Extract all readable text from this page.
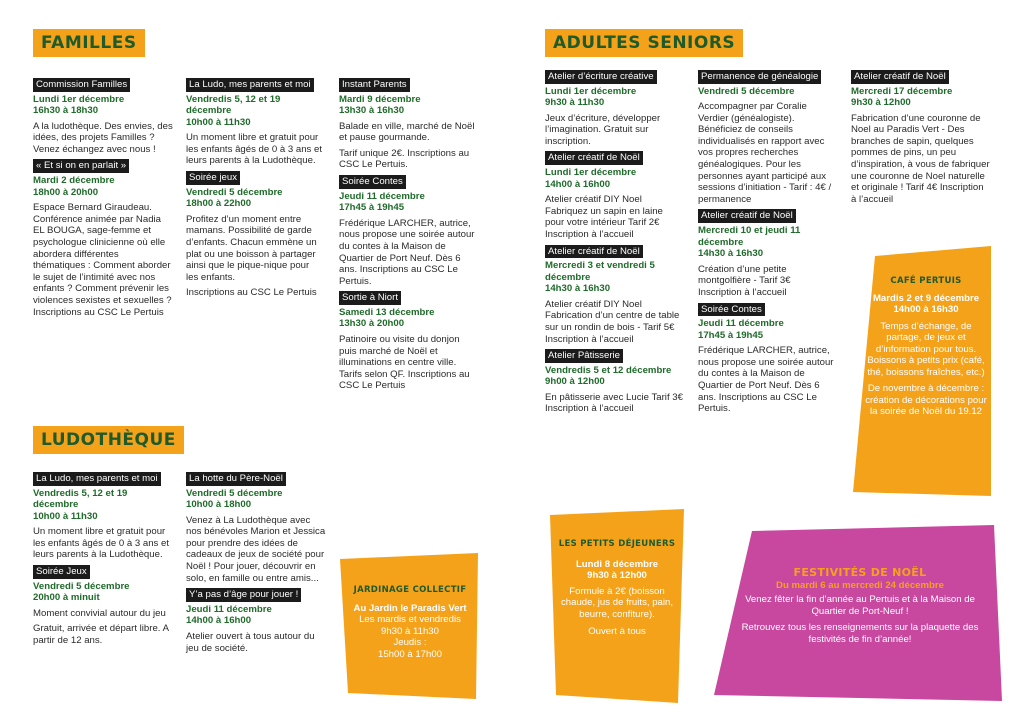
FAMILLES
LUDOTHÈQUE
ADULTES SENIORS
Commission Familles
Lundi 1er décembre
16h30 à 18h30

A la ludothèque. Des envies, des idées, des projets Familles ? Venez échangez avec nous !

« Et si on en parlait »
Mardi 2 décembre
18h00 à 20h00

Espace Bernard Giraudeau. Conférence animée par Nadia EL BOUGA, sage-femme et psychologue clinicienne où elle abordera différentes thématiques : Comment aborder le sujet de l’intimité avec nos enfants ? Comment prévenir les violences sexistes et sexuelles ? Inscriptions au CSC Le Pertuis

La Ludo, mes parents et moi
Vendredis 5, 12 et 19 décembre
10h00 à 11h30

Un moment libre et gratuit pour les enfants âgés de 0 à 3 ans et leurs parents à la Ludothèque.

Soirée jeux
Vendredi 5 décembre
18h00 à 22h00

Profitez d’un moment entre mamans. Possibilité de garde d’enfants. Chacun emmène un plat ou une boisson à partager ainsi que le pique-nique pour les enfants.

Inscriptions au CSC Le Pertuis

Instant Parents
Mardi 9 décembre
13h30 à 16h30

Balade en ville, marché de Noël et pause gourmande.

Tarif unique 2€. Inscriptions au CSC Le Pertuis.

Soirée Contes
Jeudi 11 décembre
17h45 à 19h45

Frédérique LARCHER, autrice, nous propose une soirée autour du contes à la Maison de Quartier de Port Neuf. Dès 6 ans. Inscriptions au CSC Le Pertuis.

Sortie à Niort
Samedi 13 décembre
13h30 à 20h00

Patinoire ou visite du donjon puis marché de Noël et illuminations en centre ville. Tarifs selon QF. Inscriptions au CSC Le Pertuis

La Ludo, mes parents et moi
Vendredis 5, 12 et 19 décembre
10h00 à 11h30

Un moment libre et gratuit pour les enfants âgés de 0 à 3 ans et leurs parents à la Ludothèque.

Soirée Jeux
Vendredi 5 décembre
20h00 à minuit

Moment convivial autour du jeu

Gratuit, arrivée et départ libre. A partir de 12 ans.

La hotte du Père-Noël
Vendredi 5 décembre
10h00 à 18h00

Venez à La Ludothèque avec nos bénévoles Marion et Jessica pour prendre des idées de cadeaux de jeux de société pour Noël ! Pour jouer, découvrir en solo, en famille ou entre amis...

Y’a pas d’âge pour jouer !
Jeudi 11 décembre
14h00 à 16h00

Atelier ouvert à tous autour du jeu de société.

JARDINAGE COLLECTIF
Au Jardin le Paradis Vert
Les mardis et vendredis
9h30 à 11h30
Jeudis :
15h00 à 17h00
Atelier d’écriture créative
Lundi 1er décembre
9h30 à 11h30

Jeux d’écriture, développer l’imagination. Gratuit sur inscription.

Atelier créatif de Noël
Lundi 1er décembre
14h00 à 16h00

Atelier créatif DIY Noel Fabriquez un sapin en laine pour votre intérieur Tarif 2€ Inscription à l’accueil

Atelier créatif de Noël
Mercredi 3 et vendredi 5 décembre
14h30 à 16h30

Atelier créatif DIY Noel Fabrication d’un centre de table sur un rondin de bois - Tarif 5€ Inscription à l’accueil

Atelier Pâtisserie
Vendredis 5 et 12 décembre
9h00 à 12h00

En pâtisserie avec Lucie Tarif 3€ Inscription à l’accueil

Permanence de généalogie
Vendredi 5 décembre

Accompagner par Coralie Verdier (généalogiste). Bénéficiez de conseils individualisés en rapport avec vos propres recherches généalogiques. Pour les personnes ayant participé aux sessions d’initiation - Tarif : 4€ / permanence

Atelier créatif de Noël
Mercredi 10 et jeudi 11 décembre
14h30 à 16h30

Création d’une petite montgolfière - Tarif 3€ Inscription à l’accueil

Soirée Contes
Jeudi 11 décembre
17h45 à 19h45

Frédérique LARCHER, autrice, nous propose une soirée autour du contes à la Maison de Quartier de Port Neuf. Dès 6 ans. Inscriptions au CSC Le Pertuis.

Atelier créatif de Noël
Mercredi 17 décembre
9h30 à 12h00

Fabrication d’une couronne de Noel au Paradis Vert - Des branches de sapin, quelques pommes de pins, un peu d’inspiration, à vous de fabriquer une couronne de Noel naturelle et originale ! Tarif 4€ Inscription à l’accueil

CAFÉ PERTUIS
Mardis 2 et 9 décembre
14h00 à 16h30
Temps d’échange, de partage, de jeux et d’information pour tous. Boissons à petits prix (café, thé, boissons fraîches, etc.)
De novembre à décembre : création de décorations pour la soirée de Noël du 19.12
LES PETITS DÉJEUNERS
Lundi 8 décembre
9h30 à 12h00
Formule à 2€ (boisson chaude, jus de fruits, pain, beurre, confiture).
Ouvert à tous
FESTIVITÉS DE NOËL
Du mardi 6 au mercredi 24 décembre
Venez fêter la fin d’année au Pertuis et à la Maison de Quartier de Port-Neuf !
Retrouvez tous les renseignements sur la plaquette des festivités de fin d’année!
